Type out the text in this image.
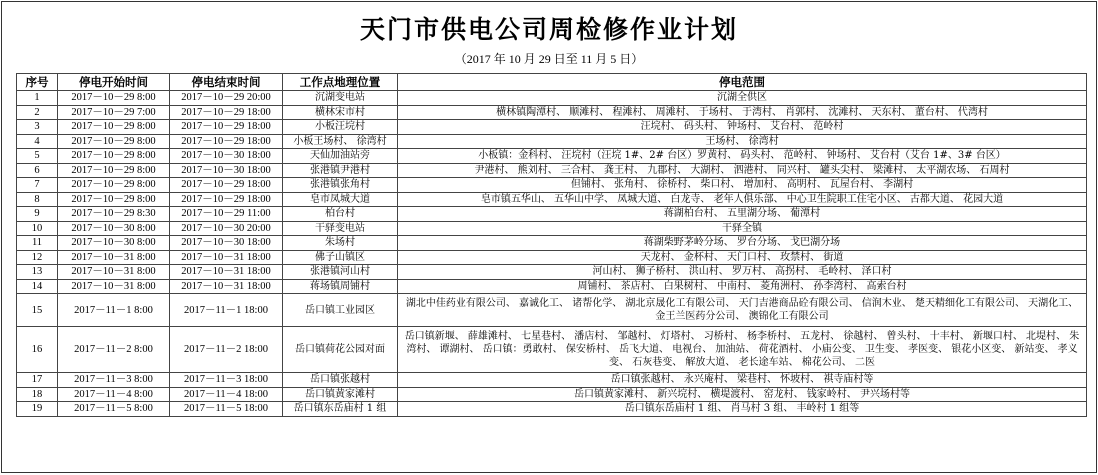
天门市供电公司周检修作业计划
（2017 年 10 月 29 日至 11 月 5 日）
序号	停电开始时间	停电结束时间	工作点地理位置	停电范围
1	2017－10－29 8:00	2017－10－29 20:00	沉湖变电站	沉湖全供区
2	2017－10－29 7:00	2017－10－29 18:00	横林宋市村	横林镇陶潭村、 顺滩村、 程滩村、 周滩村、 于场村、 于湾村、 肖郭村、 沈滩村、 天东村、 董台村、 代湾村
3	2017－10－29 8:00	2017－10－29 18:00	小板汪垸村	汪垸村、 码头村、 钟场村、 艾台村、 范岭村
4	2017－10－29 8:00	2017－10－29 18:00	小板王场村、 徐湾村	王场村、 徐湾村
5	2017－10－29 8:00	2017－10－30 18:00	天仙加油站旁	小板镇：金科村、 汪垸村（汪垸 1#、2# 台区）罗黄村、 码头村、 范岭村、 钟场村、 艾台村（艾台 1#、3# 台区）
6	2017－10－29 8:00	2017－10－30 18:00	张港镇尹港村	尹港村、 熊刘村、 三合村、 龚王村、 九郡村、 大湖村、 泗港村、 同兴村、 罐头尖村、 梁滩村、 太平湖农场、 石周村
7	2017－10－29 8:00	2017－10－29 18:00	张港镇张角村	但铺村、 张角村、 徐桥村、 柴口村、 增加村、 高明村、 瓦屋台村、 李湖村
8	2017－10－29 8:00	2017－10－29 18:00	皂市凤城大道	皂市镇五华山、 五华山中学、 凤城大道、 白龙寺、 老年人俱乐部、 中心卫生院职工住宅小区、 古都大道、 花园大道
9	2017－10－29 8:30	2017－10－29 11:00	柏台村	蒋湖柏台村、 五里湖分场、 葡潭村
10	2017－10－30 8:00	2017－10－30 20:00	干驿变电站	干驿全镇
11	2017－10－30 8:00	2017－10－30 18:00	朱场村	蒋湖柴野茅岭分场、 罗台分场、 戈巴湖分场
12	2017－10－31 8:00	2017－10－31 18:00	佛子山镇区	天龙村、 金杯村、 天门口村、 玫禁村、 街道
13	2017－10－31 8:00	2017－10－31 18:00	张港镇河山村	河山村、 狮子桥村、 洪山村、 罗万村、 高拐村、 毛岭村、 泽口村
14	2017－10－31 8:00	2017－10－31 18:00	蒋场镇周铺村	周铺村、 茶店村、 白果树村、 中南村、 菱角洲村、 孙李湾村、 高索台村
15	2017－11－1 8:00	2017－11－1 18:00	岳口镇工业园区	湖北中佳药业有限公司、 嘉诚化工、 诸帮化学、 湖北京晟化工有限公司、 天门吉港商品砼有限公司、 信润木业、 楚天精细化工有限公司、 天湖化工、 金王兰医药分公司、 澳锦化工有限公司
16	2017－11－2 8:00	2017－11－2 18:00	岳口镇荷花公园对面	岳口镇新堰、 薛雄滩村、 七星巷村、 潘店村、 邹越村、 灯塔村、 习桥村、 杨李桥村、 五龙村、 徐越村、 曾头村、 十丰村、 新堰口村、 北堤村、 朱湾村、 谭湖村、 岳口镇：勇敢村、 保安桥村、 岳飞大道、 电视台、 加油站、 荷花酒村、 小庙公变、 卫生变、 孝医变、 银花小区变、 新站变、 孝义变、 石灰巷变、 解放大道、 老长途车站、 棉花公司、 二医
17	2017－11－3 8:00	2017－11－3 18:00	岳口镇张越村	岳口镇张越村、 永兴庵村、 梁巷村、 怀坡村、 祺寺庙村等
18	2017－11－4 8:00	2017－11－4 18:00	岳口镇黄家滩村	岳口镇黄家滩村、 新兴垸村、 横堤渡村、 窑龙村、 钱家岭村、 尹兴场村等
19	2017－11－5 8:00	2017－11－5 18:00	岳口镇东岳庙村 1 组	岳口镇东岳庙村 1 组、 肖马村 3 组、 丰岭村 1 组等
